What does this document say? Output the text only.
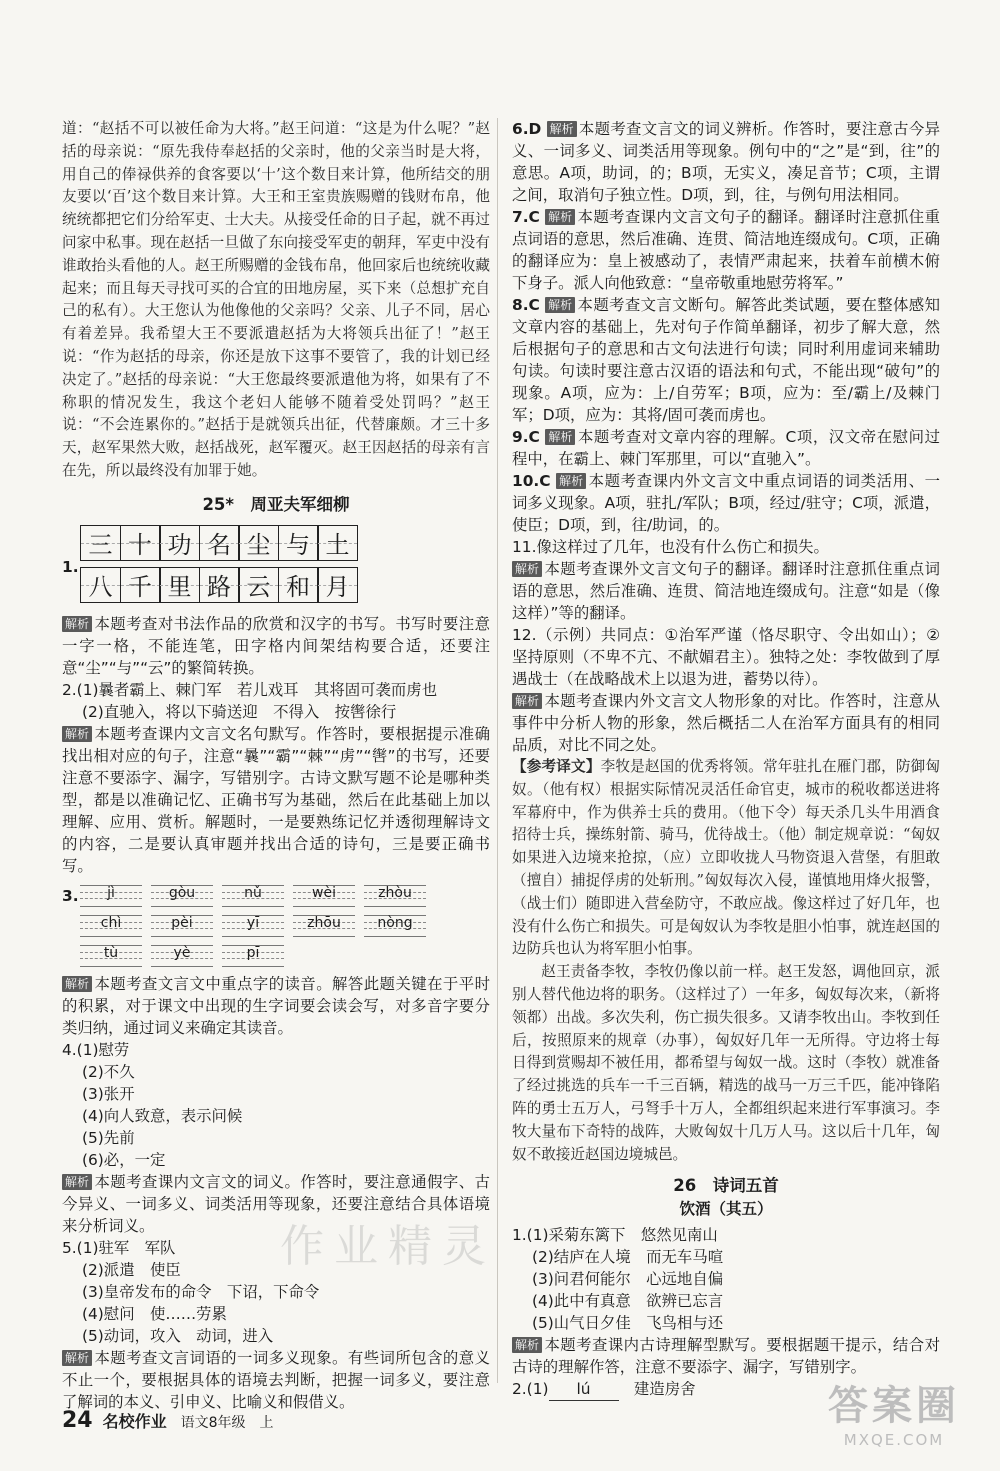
道：“赵括不可以被任命为大将。”赵王问道：“这是为什么呢？”赵括的母亲说：“原先我侍奉赵括的父亲时，他的父亲当时是大将，用自己的俸禄供养的食客要以‘十’这个数目来计算，他所结交的朋友要以‘百’这个数目来计算。大王和王室贵族赐赠的钱财布帛，他统统都把它们分给军吏、士大夫。从接受任命的日子起，就不再过问家中私事。现在赵括一旦做了东向接受军吏的朝拜，军吏中没有谁敢抬头看他的人。赵王所赐赠的金钱布帛，他回家后也统统收藏起来；而且每天寻找可买的合宜的田地房屋，买下来（总想扩充自己的私有）。大王您认为他像他的父亲吗？父亲、儿子不同，居心有着差异。我希望大王不要派遣赵括为大将领兵出征了！”赵王说：“作为赵括的母亲，你还是放下这事不要管了，我的计划已经决定了。”赵括的母亲说：“大王您最终要派遣他为将，如果有了不称职的情况发生，我这个老妇人能够不随着受处罚吗？”赵王说：“不会连累你的。”赵括于是就领兵出征，代替廉颇。才三十多天，赵军果然大败，赵括战死，赵军覆灭。赵王因赵括的母亲有言在先，所以最终没有加罪于她。

25*　周亚夫军细柳
1.
三 十 功 名 尘 与 土
八 千 里 路 云 和 月

解析 本题考查对书法作品的欣赏和汉字的书写。书写时要注意一字一格，不能连笔，田字格内间架结构要合适，还要注意“尘”“与”“云”的繁简转换。

2.(1)曩者霸上、棘门军　若儿戏耳　其将固可袭而虏也

(2)直驰入，将以下骑送迎　不得入　按辔徐行

解析 本题考查课内文言文名句默写。作答时，要根据提示准确找出相对应的句子，注意“曩”“霸”“棘”“虏”“辔”的书写，还要注意不要添字、漏字，写错别字。古诗文默写题不论是哪种类型，都是以准确记忆、正确书写为基础，然后在此基础上加以理解、应用、赏析。解题时，一是要熟练记忆并透彻理解诗文的内容，二是要认真审题并找出合适的诗句，三是要正确书写。

3.	jì	gòu	nǔ	wèi	zhòu
chì	pèi	yī	zhōu	nòng
tù	yè	pī

解析 本题考查文言文中重点字的读音。解答此题关键在于平时的积累，对于课文中出现的生字词要会读会写，对多音字要分类归纳，通过词义来确定其读音。

4.(1)慰劳

(2)不久

(3)张开

(4)向人致意，表示问候

(5)先前

(6)必，一定

解析 本题考查课内文言文的词义。作答时，要注意通假字、古今异义、一词多义、词类活用等现象，还要注意结合具体语境来分析词义。

5.(1)驻军　军队

(2)派遣　使臣

(3)皇帝发布的命令　下诏，下命令

(4)慰问　使……劳累

(5)动词，攻入　动词，进入

解析 本题考查文言词语的一词多义现象。有些词所包含的意义不止一个，要根据具体的语境去判断，把握一词多义，要注意了解词的本义、引申义、比喻义和假借义。

6.D 解析 本题考查文言文的词义辨析。作答时，要注意古今异义、一词多义、词类活用等现象。例句中的“之”是“到，往”的意思。A项，助词，的；B项，无实义，凑足音节；C项，主谓之间，取消句子独立性。D项，到，往，与例句用法相同。

7.C 解析 本题考查课内文言文句子的翻译。翻译时注意抓住重点词语的意思，然后准确、连贯、简洁地连缀成句。C项，正确的翻译应为：皇上被感动了，表情严肃起来，扶着车前横木俯下身子。派人向他致意：“皇帝敬重地慰劳将军。”

8.C 解析 本题考查文言文断句。解答此类试题，要在整体感知文章内容的基础上，先对句子作简单翻译，初步了解大意，然后根据句子的意思和古文句法进行句读；同时利用虚词来辅助句读。句读时要注意古汉语的语法和句式，不能出现“破句”的现象。A项，应为：上/自劳军；B项，应为：至/霸上/及棘门军；D项，应为：其将/固可袭而虏也。

9.C 解析 本题考查对文章内容的理解。C项，汉文帝在慰问过程中，在霸上、棘门军那里，可以“直驰入”。

10.C 解析 本题考查课内外文言文中重点词语的词类活用、一词多义现象。A项，驻扎/军队；B项，经过/驻守；C项，派遣，使臣；D项，到，往/助词，的。

11.像这样过了几年，也没有什么伤亡和损失。

解析 本题考查课外文言文句子的翻译。翻译时注意抓住重点词语的意思，然后准确、连贯、简洁地连缀成句。注意“如是（像这样）”等的翻译。

12.（示例）共同点：①治军严谨（恪尽职守、令出如山）；②坚持原则（不卑不亢、不献媚君主）。独特之处：李牧做到了厚遇战士（在战略战术上以退为进，蓄势以待）。

解析 本题考查课内外文言文人物形象的对比。作答时，注意从事件中分析人物的形象，然后概括二人在治军方面具有的相同品质，对比不同之处。

【参考译文】李牧是赵国的优秀将领。常年驻扎在雁门郡，防御匈奴。（他有权）根据实际情况灵活任命官吏，城市的税收都送进将军幕府中，作为供养士兵的费用。（他下令）每天杀几头牛用酒食招待士兵，操练射箭、骑马，优待战士。（他）制定规章说：“匈奴如果进入边境来抢掠，（应）立即收拢人马物资退入营堡，有胆敢（擅自）捕捉俘虏的处斩刑。”匈奴每次入侵，谨慎地用烽火报警，（战士们）随即进入营垒防守，不敢应战。像这样过了好几年，也没有什么伤亡和损失。可是匈奴认为李牧是胆小怕事，就连赵国的边防兵也认为将军胆小怕事。

赵王责备李牧，李牧仍像以前一样。赵王发怒，调他回京，派别人替代他边将的职务。（这样过了）一年多，匈奴每次来，（新将领都）出战。多次失利，伤亡损失很多。又请李牧出山。李牧到任后，按照原来的规章（办事），匈奴好几年一无所得。守边将士每日得到赏赐却不被任用，都希望与匈奴一战。这时（李牧）就准备了经过挑选的兵车一千三百辆，精选的战马一万三千匹，能冲锋陷阵的勇士五万人，弓弩手十万人，全都组织起来进行军事演习。李牧大量布下奇特的战阵，大败匈奴十几万人马。这以后十几年，匈奴不敢接近赵国边境城邑。

26　诗词五首
饮酒（其五）

1.(1)采菊东篱下　悠然见南山

(2)结庐在人境　而无车马喧

(3)问君何能尔　心远地自偏

(4)此中有真意　欲辨已忘言

(5)山气日夕佳　飞鸟相与还

解析 本题考查课内古诗理解型默写。要根据题干提示，结合对古诗的理解作答，注意不要添字、漏字，写错别字。

2.(1) lú　	建造房舍

24 名校作业 语文8年级　上
作业精灵
答案圈
MXQE.COM
